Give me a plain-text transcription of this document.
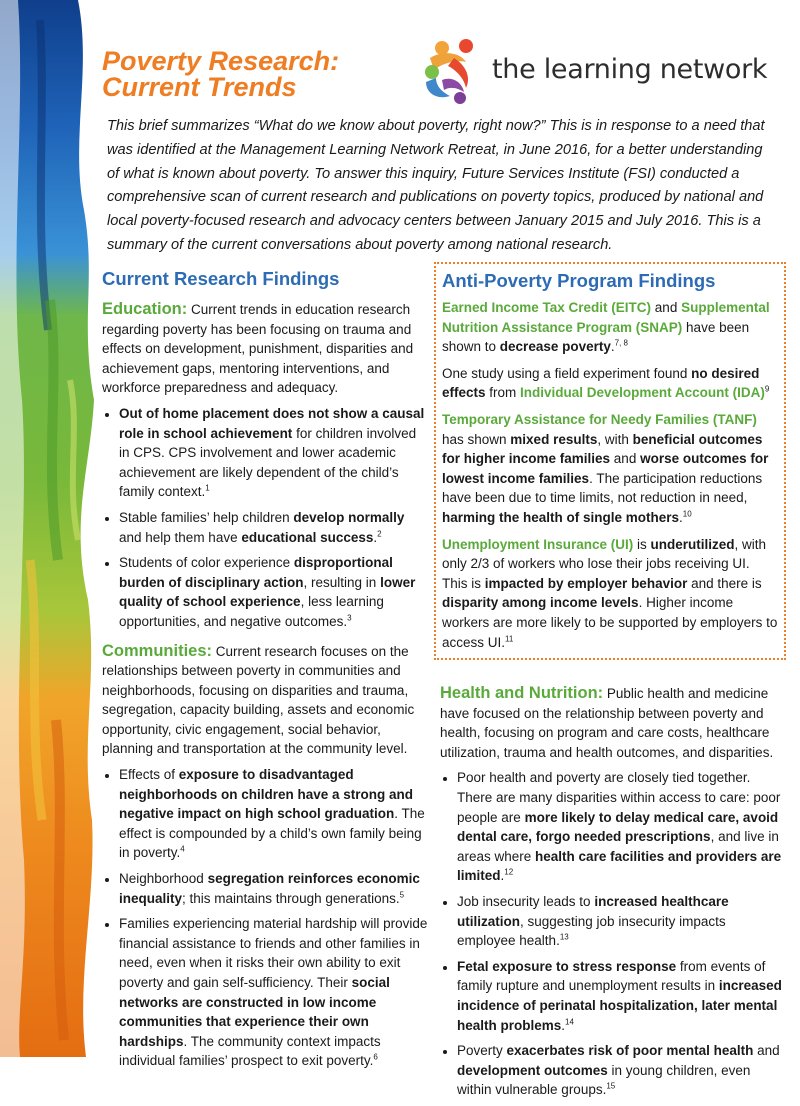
Poverty Research:
Current Trends
the learning network

This brief summarizes “What do we know about poverty, right now?” This is in response to a need that was identified at the Management Learning Network Retreat, in June 2016, for a better understanding of what is known about poverty. To answer this inquiry, Future Services Institute (FSI) conducted a comprehensive scan of current research and publications on poverty topics, produced by national and local poverty-focused research and advocacy centers between January 2015 and July 2016. This is a summary of the current conversations about poverty among national research.

Current Research Findings

Education: Current trends in education research regarding poverty has been focusing on trauma and effects on development, punishment, disparities and achievement gaps, mentoring interventions, and workforce preparedness and adequacy.

• Out of home placement does not show a causal role in school achievement for children involved in CPS. CPS involvement and lower academic achievement are likely dependent of the child’s family context.$^1$
• Stable families’ help children develop normally and help them have educational success.$^2$
• Students of color experience disproportional burden of disciplinary action, resulting in lower quality of school experience, less learning opportunities, and negative outcomes.$^3$

Communities: Current research focuses on the relationships between poverty in communities and neighborhoods, focusing on disparities and trauma, segregation, capacity building, assets and economic opportunity, civic engagement, social behavior, planning and transportation at the community level.

• Effects of exposure to disadvantaged neighborhoods on children have a strong and negative impact on high school graduation. The effect is compounded by a child’s own family being in poverty.$^4$
• Neighborhood segregation reinforces economic inequality; this maintains through generations.$^5$
• Families experiencing material hardship will provide financial assistance to friends and other families in need, even when it risks their own ability to exit poverty and gain self-sufficiency. Their social networks are constructed in low income communities that experience their own hardships. The community context impacts individual families’ prospect to exit poverty.$^6$
Anti-Poverty Program Findings

Earned Income Tax Credit (EITC) and Supplemental Nutrition Assistance Program (SNAP) have been shown to decrease poverty.$^{7, 8}$

One study using a field experiment found no desired effects from Individual Development Account (IDA)$^9$

Temporary Assistance for Needy Families (TANF) has shown mixed results, with beneficial outcomes for higher income families and worse outcomes for lowest income families. The participation reductions have been due to time limits, not reduction in need, harming the health of single mothers.$^{10}$

Unemployment Insurance (UI) is underutilized, with only 2/3 of workers who lose their jobs receiving UI. This is impacted by employer behavior and there is disparity among income levels. Higher income workers are more likely to be supported by employers to access UI.$^{11}$

Health and Nutrition: Public health and medicine have focused on the relationship between poverty and health, focusing on program and care costs, healthcare utilization, trauma and health outcomes, and disparities.

• Poor health and poverty are closely tied together. There are many disparities within access to care: poor people are more likely to delay medical care, avoid dental care, forgo needed prescriptions, and live in areas where health care facilities and providers are limited.$^{12}$
• Job insecurity leads to increased healthcare utilization, suggesting job insecurity impacts employee health.$^{13}$
• Fetal exposure to stress response from events of family rupture and unemployment results in increased incidence of perinatal hospitalization, later mental health problems.$^{14}$
• Poverty exacerbates risk of poor mental health and development outcomes in young children, even within vulnerable groups.$^{15}$
